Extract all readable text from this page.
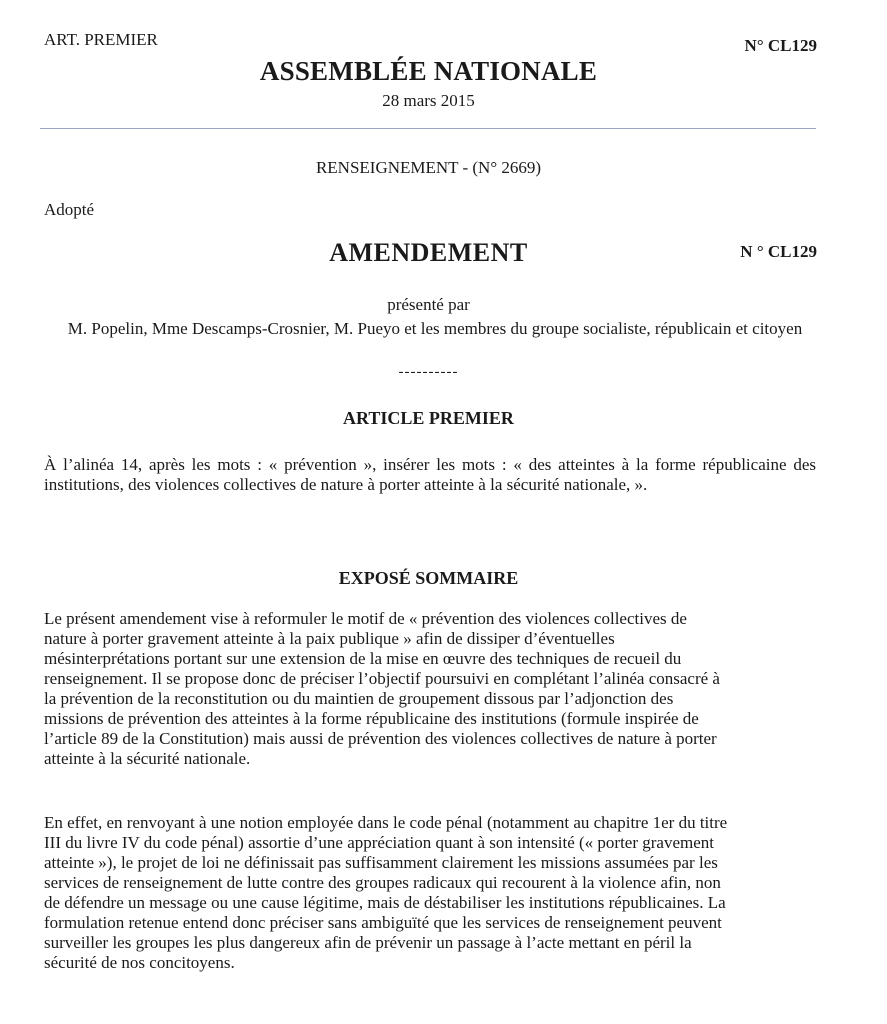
ART. PREMIER	N° CL129
ASSEMBLÉE NATIONALE
28 mars 2015
RENSEIGNEMENT - (N° 2669)
Adopté
AMENDEMENT	N ° CL129
présenté par
M. Popelin, Mme Descamps-Crosnier, M. Pueyo et les membres du groupe socialiste, républicain et citoyen
----------
ARTICLE PREMIER
À l’alinéa 14, après les mots : « prévention », insérer les mots : « des atteintes à la forme républicaine des institutions, des violences collectives de nature à porter atteinte à la sécurité nationale, ».
EXPOSÉ SOMMAIRE
Le présent amendement vise à reformuler le motif de « prévention des violences collectives de
nature à porter gravement atteinte à la paix publique » afin de dissiper d’éventuelles
mésinterprétations portant sur une extension de la mise en œuvre des techniques de recueil du
renseignement. Il se propose donc de préciser l’objectif poursuivi en complétant l’alinéa consacré à
la prévention de la reconstitution ou du maintien de groupement dissous par l’adjonction des
missions de prévention des atteintes à la forme républicaine des institutions (formule inspirée de
l’article 89 de la Constitution) mais aussi de prévention des violences collectives de nature à porter
atteinte à la sécurité nationale.
En effet, en renvoyant à une notion employée dans le code pénal (notamment au chapitre 1er du titre
III du livre IV du code pénal) assortie d’une appréciation quant à son intensité (« porter gravement
atteinte »), le projet de loi ne définissait pas suffisamment clairement les missions assumées par les
services de renseignement de lutte contre des groupes radicaux qui recourent à la violence afin, non
de défendre un message ou une cause légitime, mais de déstabiliser les institutions républicaines. La
formulation retenue entend donc préciser sans ambiguïté que les services de renseignement peuvent
surveiller les groupes les plus dangereux afin de prévenir un passage à l’acte mettant en péril la
sécurité de nos concitoyens.
